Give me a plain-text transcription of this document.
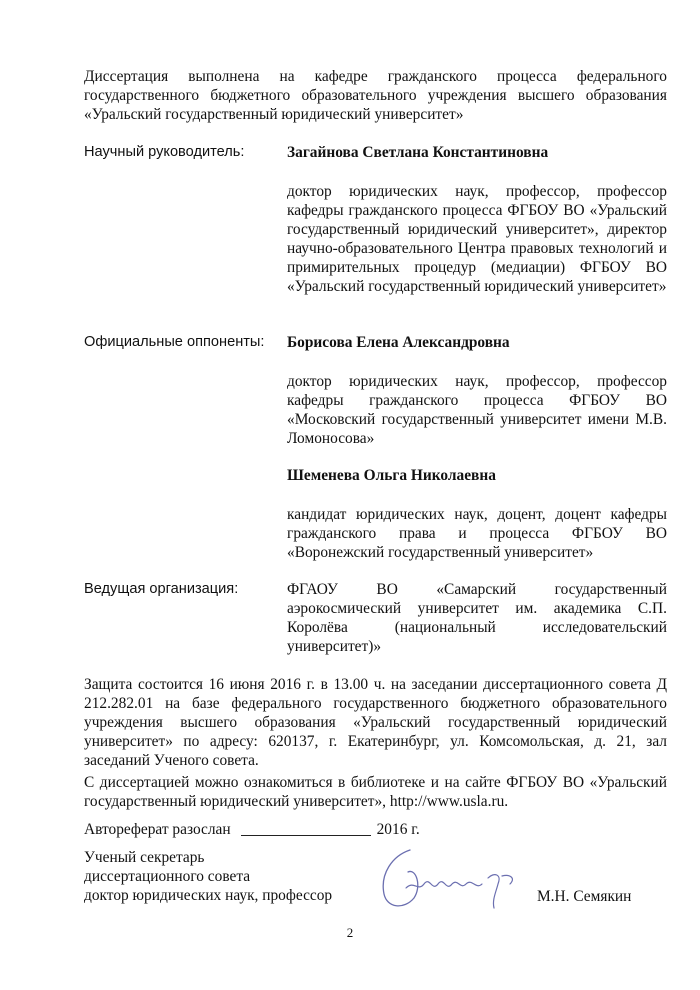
Диссертация выполнена на кафедре гражданского процесса федерального государственного бюджетного образовательного учреждения высшего образования «Уральский государственный юридический университет»
Научный руководитель:	Загайнова Светлана Константиновна
доктор юридических наук, профессор, профессор кафедры гражданского процесса ФГБОУ ВО «Уральский государственный юридический университет», директор научно-образовательного Центра правовых технологий и примирительных процедур (медиации) ФГБОУ ВО «Уральский государственный юридический университет»
Официальные оппоненты: Борисова Елена Александровна
доктор юридических наук, профессор, профессор кафедры гражданского процесса ФГБОУ ВО «Московский государственный университет имени М.В. Ломоносова»
Шеменева Ольга Николаевна
кандидат юридических наук, доцент, доцент кафедры гражданского права и процесса ФГБОУ ВО «Воронежский государственный университет»
Ведущая организация:	ФГАОУ ВО «Самарский государственный аэрокосмический университет им. академика С.П. Королёва (национальный исследовательский университет)»
Защита состоится 16 июня 2016 г. в 13.00 ч. на заседании диссертационного совета Д 212.282.01 на базе федерального государственного бюджетного образовательного учреждения высшего образования «Уральский государственный юридический университет» по адресу: 620137, г. Екатеринбург, ул. Комсомольская, д. 21, зал заседаний Ученого совета.
С диссертацией можно ознакомиться в библиотеке и на сайте ФГБОУ ВО «Уральский государственный юридический университет», http://www.usla.ru.
Автореферат разослан	2016 г.
Ученый секретарь
диссертационного совета
доктор юридических наук, профессор	М.Н. Семякин
2
